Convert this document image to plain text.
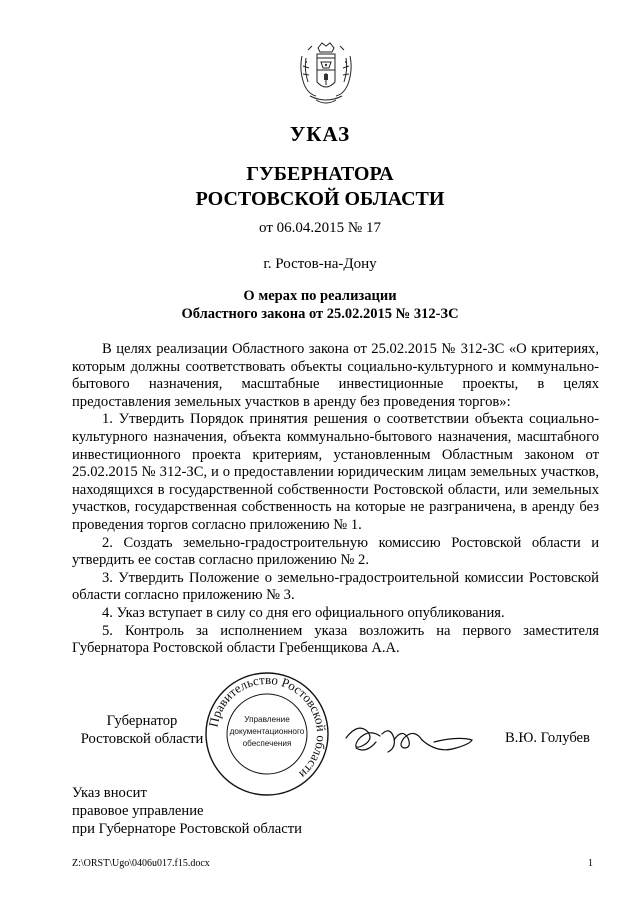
УКАЗ
ГУБЕРНАТОРА
РОСТОВСКОЙ ОБЛАСТИ
от 06.04.2015 № 17
г. Ростов-на-Дону
О мерах по реализации
Областного закона от 25.02.2015 № 312-ЗС

В целях реализации Областного закона от 25.02.2015 № 312-ЗС «О критериях, которым должны соответствовать объекты социально-культурного и коммунально-бытового назначения, масштабные инвестиционные проекты, в целях предоставления земельных участков в аренду без проведения торгов»:

1. Утвердить Порядок принятия решения о соответствии объекта социально-культурного назначения, объекта коммунально-бытового назначения, масштабного инвестиционного проекта критериям, установленным Областным законом от 25.02.2015 № 312-ЗС, и о предоставлении юридическим лицам земельных участков, находящихся в государственной собственности Ростовской области, или земельных участков, государственная собственность на которые не разграничена, в аренду без проведения торгов согласно приложению № 1.

2. Создать земельно-градостроительную комиссию Ростовской области и утвердить ее состав согласно приложению № 2.

3. Утвердить Положение о земельно-градостроительной комиссии Ростовской области согласно приложению № 3.

4. Указ вступает в силу со дня его официального опубликования.

5. Контроль за исполнением указа возложить на первого заместителя Губернатора Ростовской области Гребенщикова А.А.

Губернатор
Ростовской области
Правительство Ростовской области
Управление
документационного
обеспечения	В.Ю. Голубев
Указ вносит
правовое управление
при Губернаторе Ростовской области
Z:\ORST\Ugo\0406u017.f15.docx	1
